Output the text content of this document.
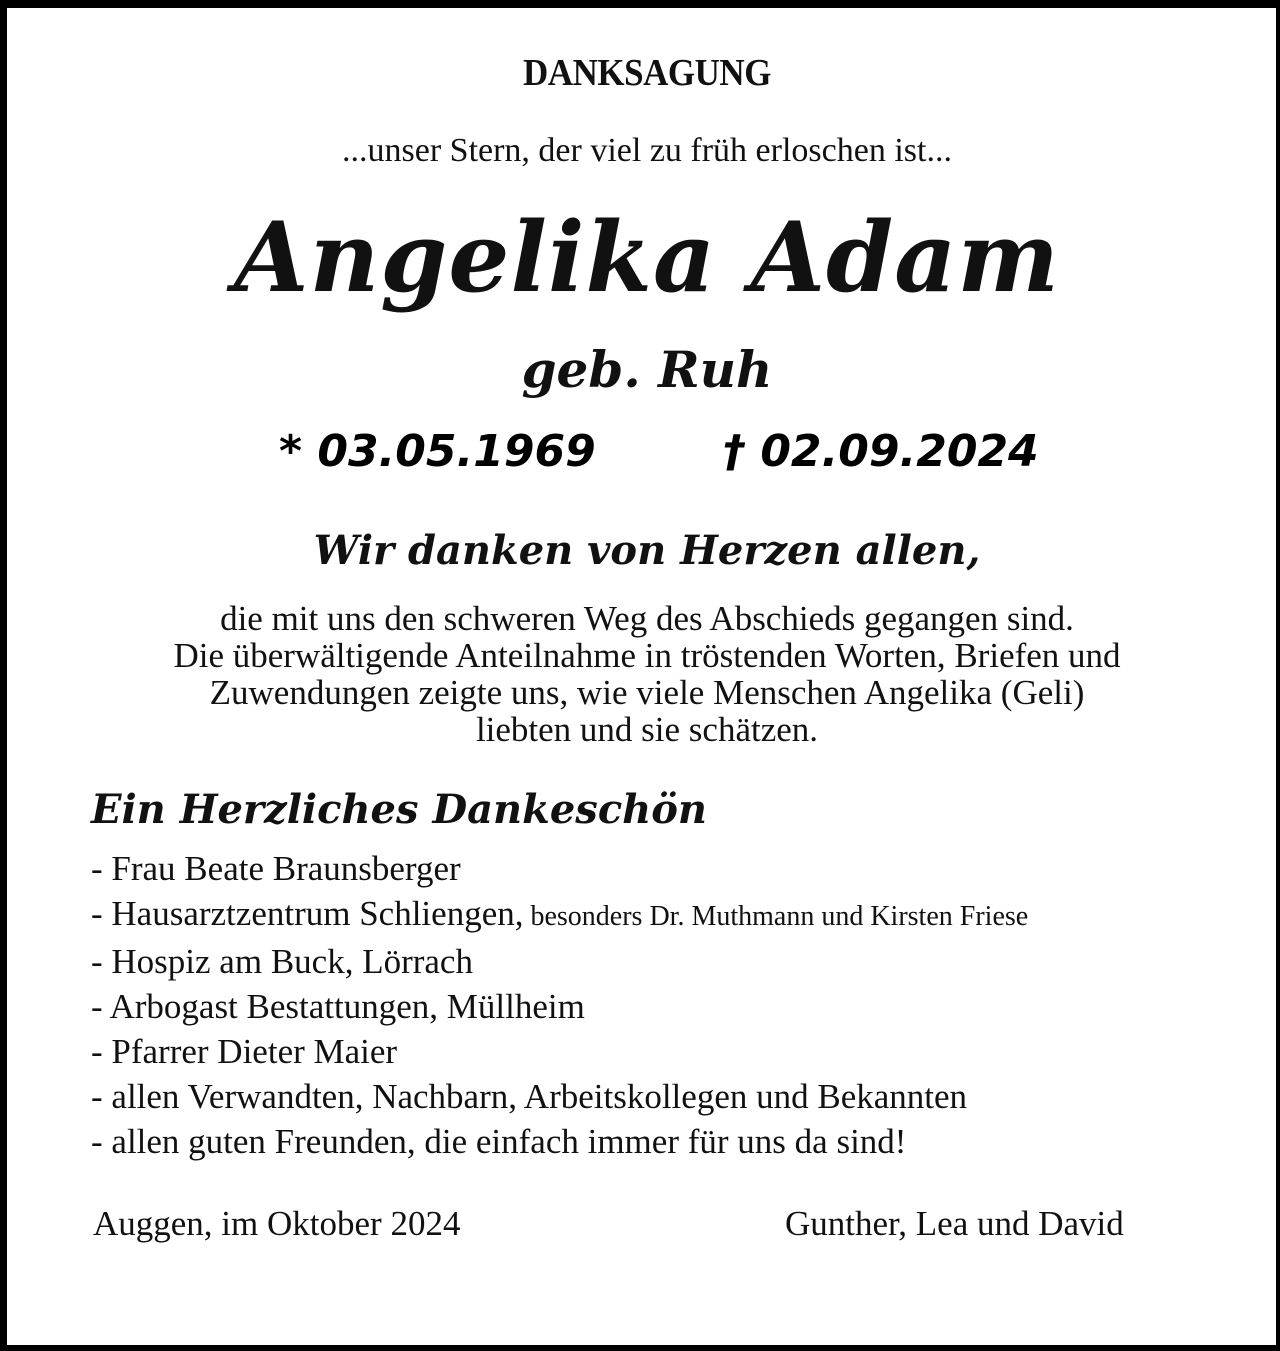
DANKSAGUNG
...unser Stern, der viel zu früh erloschen ist...
Angelika Adam
geb. Ruh
* 03.05.1969	† 02.09.2024
Wir danken von Herzen allen,
die mit uns den schweren Weg des Abschieds gegangen sind.
Die überwältigende Anteilnahme in tröstenden Worten, Briefen und
Zuwendungen zeigte uns, wie viele Menschen Angelika (Geli)
liebten und sie schätzen.
Ein Herzliches Dankeschön
- Frau Beate Braunsberger
- Hausarztzentrum Schliengen, besonders Dr. Muthmann und Kirsten Friese
- Hospiz am Buck, Lörrach
- Arbogast Bestattungen, Müllheim
- Pfarrer Dieter Maier
- allen Verwandten, Nachbarn, Arbeitskollegen und Bekannten
- allen guten Freunden, die einfach immer für uns da sind!
Auggen, im Oktober 2024	Gunther, Lea und David
